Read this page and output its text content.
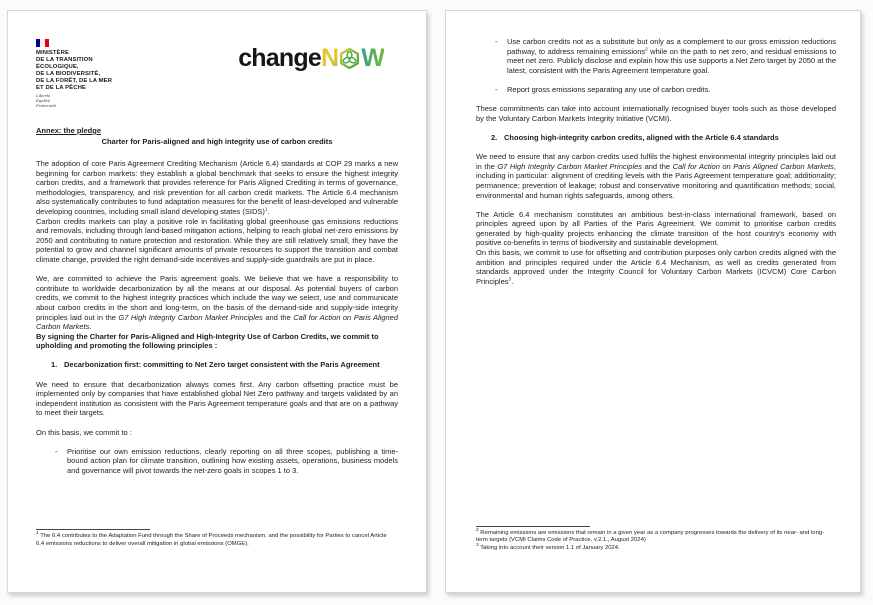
MINISTÈRE
DE LA TRANSITION
ÉCOLOGIQUE,
DE LA BIODIVERSITÉ,
DE LA FORÊT, DE LA MER
ET DE LA PÊCHE
Liberté
Égalité
Fraternité
change N W
Annex: the pledge
Charter for Paris-aligned and high integrity use of carbon credits
The adoption of core Paris Agreement Crediting Mechanism (Article 6.4) standards at COP 29 marks a new beginning for carbon markets: they establish a global benchmark that seeks to ensure the highest integrity carbon credits, and a framework that provides reference for Paris Aligned Crediting in terms of governance, methodologies, transparency, and risk prevention for all carbon credit markets. The Article 6.4 mechanism also systematically contributes to fund adaptation measures for the benefit of least-developed and vulnerable developing countries, including small island developing states (SIDS)$^1$.
Carbon credits markets can play a positive role in facilitating global greenhouse gas emissions reductions and removals, including through land-based mitigation actions, helping to reach global net-zero emissions by 2050 and contributing to nature protection and restoration. While they are still relatively small, they have the potential to grow and channel significant amounts of private resources to support the transition and combat climate change, provided the right demand-side incentives and supply-side guardrails are put in place.
We, are committed to achieve the Paris agreement goals. We believe that we have a responsibility to contribute to worldwide decarbonization by all the means at our disposal. As potential buyers of carbon credits, we commit to the highest integrity practices which include the way we select, use and communicate about carbon credits in the short and long-term, on the basis of the demand-side and supply-side integrity principles laid out in the G7 High Integrity Carbon Market Principles and the Call for Action on Paris Aligned Carbon Markets.
By signing the Charter for Paris-Aligned and High-Integrity Use of Carbon Credits, we commit to upholding and promoting the following principles :
1. Decarbonization first: committing to Net Zero target consistent with the Paris Agreement
We need to ensure that decarbonization always comes first. Any carbon offsetting practice must be implemented only by companies that have established global Net Zero pathway and targets validated by an independent institution as consistent with the Paris Agreement temperature goals and that are on a pathway to meet their targets.
On this basis, we commit to :
-	Prioritise our own emission reductions, clearly reporting on all three scopes, publishing a time-bound action plan for climate transition, outlining how existing assets, operations, business models and governance will pivot towards the net-zero goals in scopes 1 to 3.
$^1$ The 6.4 contributes to the Adaptation Fund through the Share of Proceeds mechanism, and the possibility for Parties to cancel Article 6.4 emissions reductions to deliver overall mitigation in global emissions (OMGE).
-	Use carbon credits not as a substitute but only as a complement to our gross emission reductions pathway, to address remaining emissions$^2$ while on the path to net zero, and residual emissions to meet net zero. Publicly disclose and explain how this use supports a Net Zero target by 2050 at the latest, consistent with the Paris Agreement temperature goal.
-	Report gross emissions separating any use of carbon credits.
These commitments can take into account internationally recognised buyer tools such as those developed by the Voluntary Carbon Markets Integrity Initiative (VCMI).
2. Choosing high-integrity carbon credits, aligned with the Article 6.4 standards
We need to ensure that any carbon credits used fulfils the highest environmental integrity principles laid out in the G7 High Integrity Carbon Market Principles and the Call for Action on Paris Aligned Carbon Markets, including in particular: alignment of crediting levels with the Paris Agreement temperature goal; additionality; permanence; prevention of leakage; robust and conservative monitoring and quantification methods; social, environmental and human rights safeguards, among others.
The Article 6.4 mechanism constitutes an ambitious best-in-class international framework, based on principles agreed upon by all Parties of the Paris Agreement. We commit to prioritise carbon credits generated by high-quality projects enhancing the climate transition of the host country's economy with positive co-benefits in terms of biodiversity and sustainable development.
On this basis, we commit to use for offsetting and contribution purposes only carbon credits aligned with the ambition and principles required under the Article 6.4 Mechanism, as well as credits generated from standards approved under the Integrity Council for Voluntary Carbon Markets (ICVCM) Core Carbon Principles$^3$.
$^2$ Remaining emissions are emissions that remain in a given year as a company progresses towards the delivery of its near- and long-term targets (VCMI Claims Code of Practice, v.2.1., August 2024)
$^3$ Taking into account their version 1.1 of January 2024.
